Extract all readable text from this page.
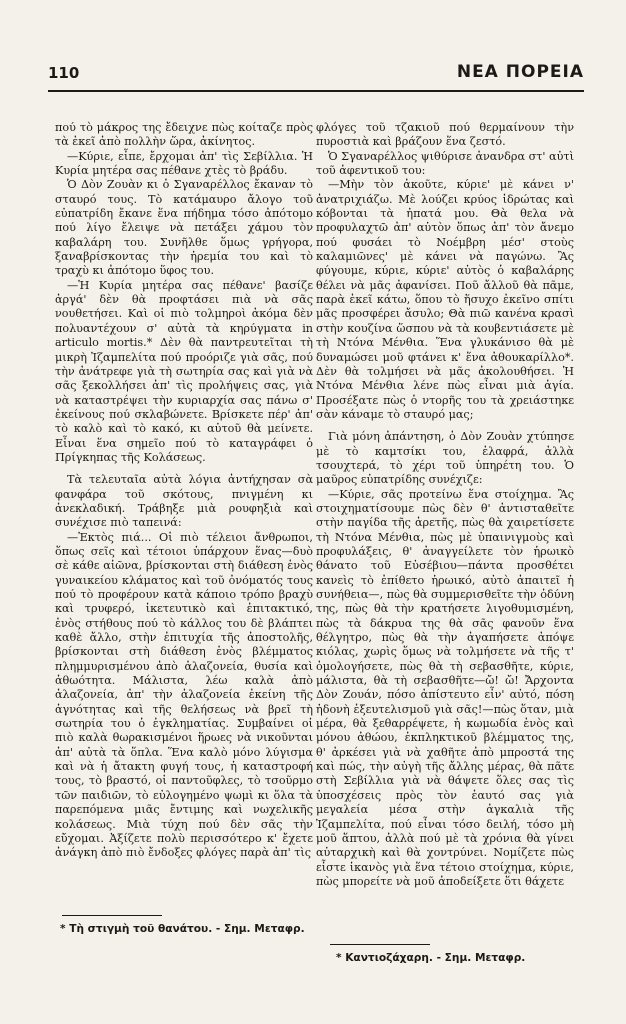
110	ΝΕΑ ΠΟΡΕΙΑ

πού τὸ μάκρος της ἔδειχνε πὼς κοίταζε πρὸς τὰ ἐκεῖ ἀπὸ πολλὴν ὥρα, ἀκίνητος.

—Κύριε, εἶπε, ἔρχομαι ἀπ' τὶς Σεβίλλια. Ἡ Κυρία μητέρα σας πέθανε χτὲς τὸ βράδυ.

Ὁ Δὸν Ζουὰν κι ὁ Σγαναρέλλος ἔκαναν τὸ σταυρό τους. Τὸ κατάμαυρο ἄλογο τοῦ εὐπατρίδη ἔκανε ἕνα πήδημα τόσο ἀπότομο πού λίγο ἔλειψε νὰ πετάξει χάμου τὸν καβαλάρη του. Συνῆλθε ὅμως γρήγορα, ξαναβρίσκοντας τὴν ἠρεμία του καὶ τὸ τραχὺ κι ἀπότομο ὕφος του.

—Ἡ Κυρία μητέρα σας πέθανε' βασίζε ἀργά' δὲν θὰ προφτάσει πιὰ νὰ σᾶς νουθετήσει. Καὶ οἱ πιὸ τολμηροὶ ἀκόμα δὲν πολυαντέχουν σ' αὐτὰ τὰ κηρύγματα in articulo mortis.* Δὲν θὰ παντρευτεῖται τὴ μικρὴ Ἰζαμπελίτα πού προόριζε γιὰ σᾶς, πού τὴν ἀνάτρεφε γιὰ τὴ σωτηρία σας καὶ γιὰ νὰ σᾶς ξεκολλήσει ἀπ' τὶς προλήψεις σας, γιὰ νὰ καταστρέψει τὴν κυριαρχία σας πάνω σ' ἐκείνους πού σκλαβώνετε. Βρίσκετε πέρ' ἀπ' τὸ καλὸ καὶ τὸ κακό, κι αὐτοῦ θὰ μείνετε. Εἶναι ἕνα σημεῖο πού τὸ καταγράφει ὁ Πρίγκηπας τῆς Κολάσεως.

Τὰ τελευταῖα αὐτὰ λόγια ἀντήχησαν σὰ φανφάρα τοῦ σκότους, πνιγμένη κι ἀνεκλαδική. Τράβηξε μιὰ ρουφηξιὰ καὶ συνέχισε πιὸ ταπεινά:

—Ἐκτὸς πιά... Οἱ πιὸ τέλειοι ἄνθρωποι, ὅπως σεῖς καὶ τέτοιοι ὑπάρχουν ἕνας—δυὸ σὲ κάθε αἰῶνα, βρίσκονται στὴ διάθεση ἑνὸς γυναικείου κλάματος καὶ τοῦ ὀνόματός τους πού τὸ προφέρουν κατὰ κάποιο τρόπο βραχὺ καὶ τρυφερό, ἱκετευτικὸ καὶ ἐπιτακτικό, ἑνὸς στήθους πού τὸ κάλλος του δὲ βλάπτει καθὲ ἄλλο, στὴν ἐπιτυχία τῆς ἀποστολῆς, βρίσκονται στὴ διάθεση ἑνὸς βλέμματος πλημμυρισμένου ἀπὸ ἀλαζονεία, θυσία καὶ ἀθωότητα. Μάλιστα, λέω καλὰ ἀπὸ ἀλαζονεία, ἀπ' τὴν ἀλαζονεία ἐκείνη τῆς ἁγνότητας καὶ τῆς θελήσεως νὰ βρεῖ τὴ σωτηρία του ὁ ἐγκληματίας. Συμβαίνει οἱ πιὸ καλὰ θωρακισμένοι ἥρωες νὰ νικοῦνται ἀπ' αὐτὰ τὰ ὅπλα. Ἕνα καλὸ μόνο λύγισμα καὶ νὰ ἡ ἄτακτη φυγή τους, ἡ καταστροφή τους, τὸ βραστό, οἱ παντοῦφλες, τὸ τσοῦρμο τῶν παιδιῶν, τὸ εὐλογημένο ψωμὶ κι ὅλα τὰ παρεπόμενα μιᾶς ἔντιμης καὶ νωχελικῆς κολάσεως. Μιὰ τύχη πού δὲν σᾶς τὴν εὔχομαι. Ἀξίζετε πολὺ περισσότερο κ' ἔχετε ἀνάγκη ἀπὸ πιὸ ἔνδοξες φλόγες παρὰ ἀπ' τὶς

φλόγες τοῦ τζακιοῦ πού θερμαίνουν τὴν πυροστιὰ καὶ βράζουν ἕνα ζεστό.

Ὁ Σγαναρέλλος ψιθύρισε ἀνανδρα στ' αὐτὶ τοῦ ἀφεντικοῦ του:

—Μὴν τὸν ἀκοῦτε, κύριε' μὲ κάνει ν' ἀνατριχιάζω. Μὲ λούζει κρύος ἱδρώτας καὶ κόβονται τὰ ἠπατά μου. Θὰ θελα νὰ προφυλαχτῶ ἀπ' αὐτὸν ὅπως ἀπ' τὸν ἄνεμο πού φυσάει τὸ Νοέμβρη μέσ' στοὺς καλαμιῶνες' μὲ κάνει νὰ παγώνω. Ἂς φύγουμε, κύριε, κύριε' αὐτὸς ὁ καβαλάρης θέλει νὰ μᾶς ἀφανίσει. Ποῦ ἄλλοῦ θὰ πᾶμε, παρὰ ἐκεῖ κάτω, ὅπου τὸ ἥσυχο ἐκεῖνο σπίτι μᾶς προσφέρει ἄσυλο; Θὰ πιῶ κανένα κρασὶ στὴν κουζίνα ὥσπου νὰ τὰ κουβεντιάσετε μὲ τὴ Ντόνα Μένθια. Ἕνα γλυκάνισο θὰ μὲ δυναμώσει μοῦ φτάνει κ' ἕνα ἀθουκαρίλλο*. Δὲν θὰ τολμήσει νὰ μᾶς ἀκολουθήσει. Ἡ Ντόνα Μένθια λένε πὼς εἶναι μιὰ ἁγία. Προσέξατε πὼς ὁ ντορῆς του τὰ χρειάστηκε σὰν κάναμε τὸ σταυρό μας;

Γιὰ μόνη ἀπάντηση, ὁ Δὸν Ζουὰν χτύπησε μὲ τὸ καμτσίκι του, ἐλαφρά, ἀλλὰ τσουχτερά, τὸ χέρι τοῦ ὑπηρέτη του. Ὁ μαῦρος εὐπατρίδης συνέχιζε:

—Κύριε, σᾶς προτείνω ἕνα στοίχημα. Ἂς στοιχηματίσουμε πὼς δὲν θ' ἀντισταθεῖτε στὴν παγίδα τῆς ἀρετῆς, πὼς θὰ χαιρετίσετε τὴ Ντόνα Μένθια, πὼς μὲ ὑπαινιγμοὺς καὶ προφυλάξεις, θ' ἀναγγείλετε τὸν ἡρωικὸ θάνατο τοῦ Εὐσέβιου—πάντα προσθέτει κανεὶς τὸ ἐπίθετο ἡρωικό, αὐτὸ ἀπαιτεῖ ἡ συνήθεια—, πὼς θὰ συμμερισθεῖτε τὴν ὀδύνη της, πὼς θὰ τὴν κρατήσετε λιγοθυμισμένη, πὼς τὰ δάκρυα της θὰ σᾶς φανοῦν ἕνα θέλγητρο, πὼς θὰ τὴν ἀγαπήσετε ἀπόψε κιόλας, χωρὶς ὅμως νὰ τολμήσετε νὰ τῆς τ' ὁμολογήσετε, πὼς θὰ τὴ σεβασθῆτε, κύριε, μάλιστα, θὰ τὴ σεβασθῆτε—ὤ! ὤ! Ἄρχοντα Δὸν Ζουάν, πόσο ἀπίστευτο εἶν' αὐτό, πόση ἡδονὴ ἐξευτελισμοῦ γιὰ σᾶς!—πὼς ὅταν, μιὰ μέρα, θὰ ξεθαρρέψετε, ἡ κωμωδία ἑνὸς καὶ μόνου ἀθώου, ἐκπληκτικοῦ βλέμματος της, θ' ἀρκέσει γιὰ νὰ χαθῆτε ἀπὸ μπροστά της καὶ πώς, τὴν αὐγὴ τῆς ἄλλης μέρας, θὰ πᾶτε στὴ Σεβίλλια γιὰ νὰ θάψετε ὅλες σας τὶς ὑποσχέσεις πρὸς τὸν ἑαυτό σας γιὰ μεγαλεία μέσα στὴν ἀγκαλιὰ τῆς Ἰζαμπελίτα, πού εἶναι τόσο δειλή, τόσο μὴ μοῦ ἅπτου, ἀλλὰ πού μὲ τὰ χρόνια θὰ γίνει αὐταρχικὴ καὶ θὰ χοντρύνει. Νομίζετε πὼς εἶστε ἱκανὸς γιὰ ἕνα τέτοιο στοίχημα, κύριε, πὼς μπορείτε νὰ μοῦ ἀποδείξετε ὅτι θάχετε

* Τὴ στιγμὴ τοῦ θανάτου. - Σημ. Μεταφρ.
* Καντιοζάχαρη. - Σημ. Μεταφρ.
